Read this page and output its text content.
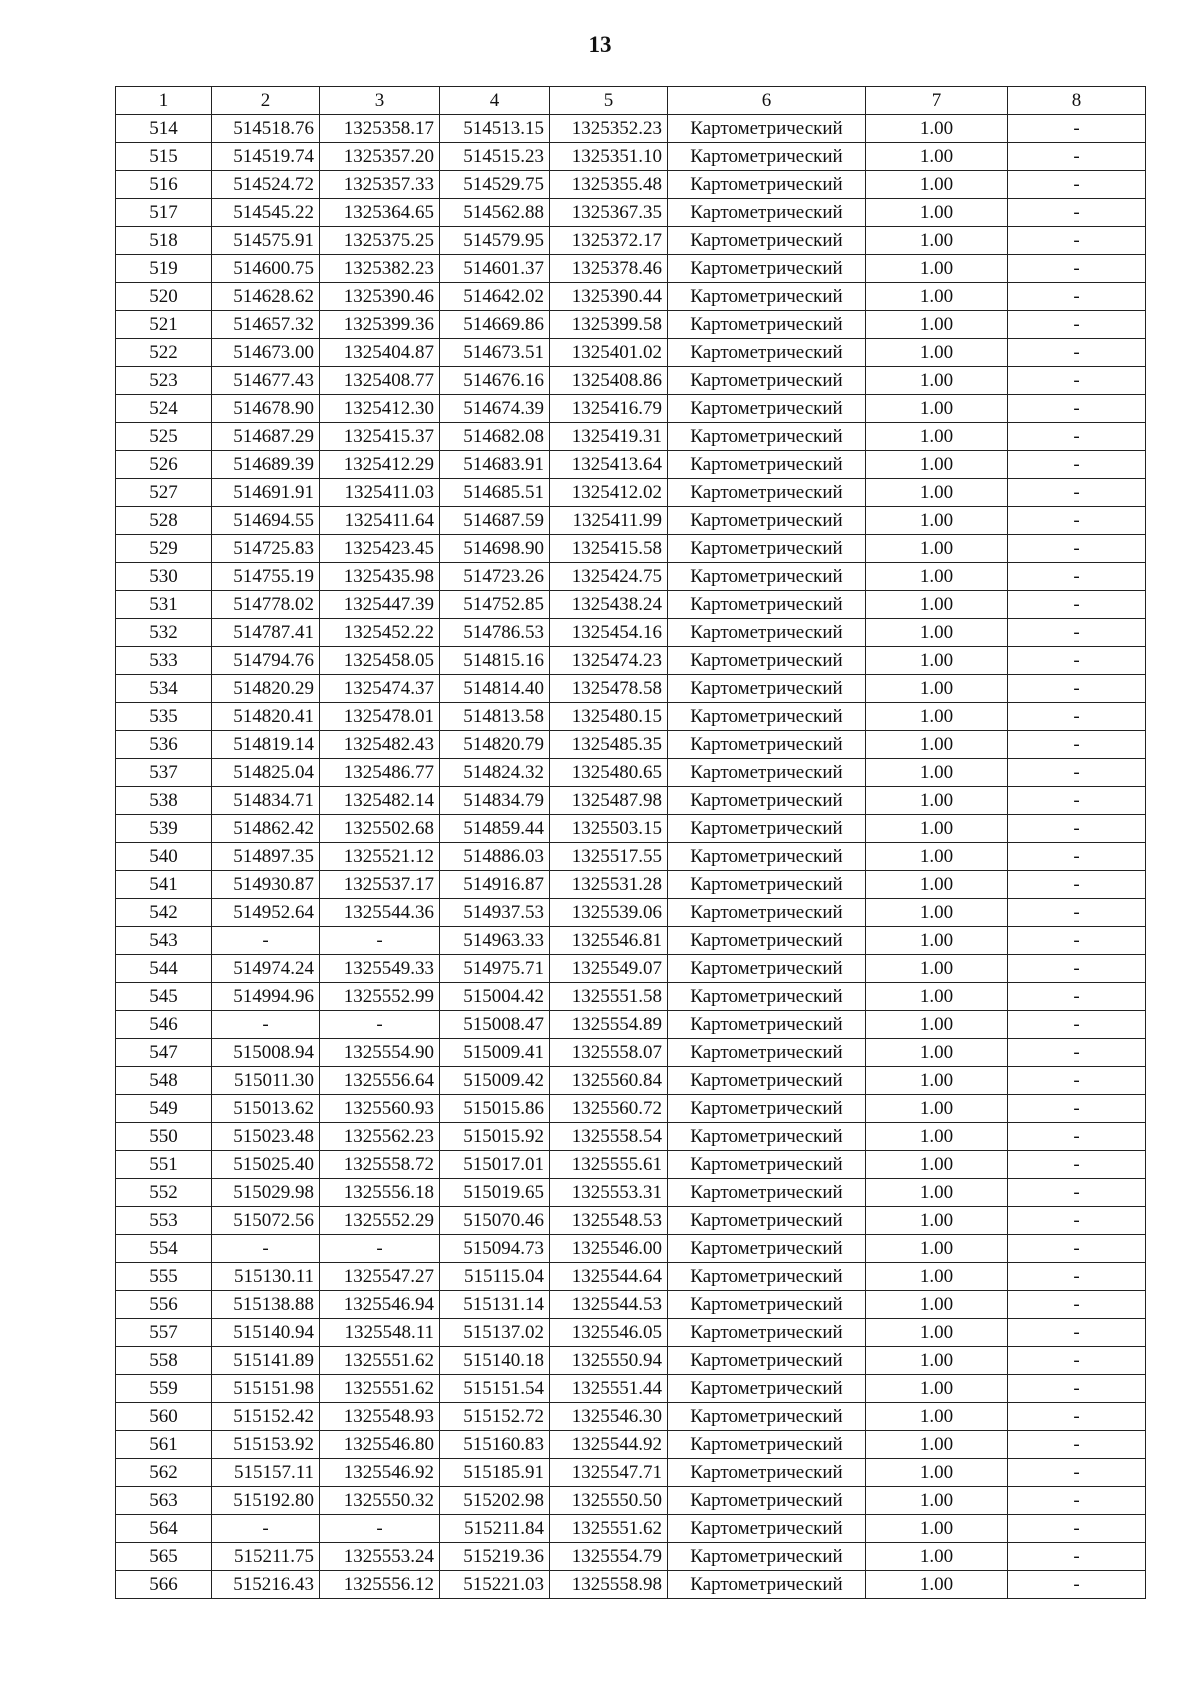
13
1	2	3	4	5	6	7	8
514	514518.76	1325358.17	514513.15	1325352.23	Картометрический	1.00	-
515	514519.74	1325357.20	514515.23	1325351.10	Картометрический	1.00	-
516	514524.72	1325357.33	514529.75	1325355.48	Картометрический	1.00	-
517	514545.22	1325364.65	514562.88	1325367.35	Картометрический	1.00	-
518	514575.91	1325375.25	514579.95	1325372.17	Картометрический	1.00	-
519	514600.75	1325382.23	514601.37	1325378.46	Картометрический	1.00	-
520	514628.62	1325390.46	514642.02	1325390.44	Картометрический	1.00	-
521	514657.32	1325399.36	514669.86	1325399.58	Картометрический	1.00	-
522	514673.00	1325404.87	514673.51	1325401.02	Картометрический	1.00	-
523	514677.43	1325408.77	514676.16	1325408.86	Картометрический	1.00	-
524	514678.90	1325412.30	514674.39	1325416.79	Картометрический	1.00	-
525	514687.29	1325415.37	514682.08	1325419.31	Картометрический	1.00	-
526	514689.39	1325412.29	514683.91	1325413.64	Картометрический	1.00	-
527	514691.91	1325411.03	514685.51	1325412.02	Картометрический	1.00	-
528	514694.55	1325411.64	514687.59	1325411.99	Картометрический	1.00	-
529	514725.83	1325423.45	514698.90	1325415.58	Картометрический	1.00	-
530	514755.19	1325435.98	514723.26	1325424.75	Картометрический	1.00	-
531	514778.02	1325447.39	514752.85	1325438.24	Картометрический	1.00	-
532	514787.41	1325452.22	514786.53	1325454.16	Картометрический	1.00	-
533	514794.76	1325458.05	514815.16	1325474.23	Картометрический	1.00	-
534	514820.29	1325474.37	514814.40	1325478.58	Картометрический	1.00	-
535	514820.41	1325478.01	514813.58	1325480.15	Картометрический	1.00	-
536	514819.14	1325482.43	514820.79	1325485.35	Картометрический	1.00	-
537	514825.04	1325486.77	514824.32	1325480.65	Картометрический	1.00	-
538	514834.71	1325482.14	514834.79	1325487.98	Картометрический	1.00	-
539	514862.42	1325502.68	514859.44	1325503.15	Картометрический	1.00	-
540	514897.35	1325521.12	514886.03	1325517.55	Картометрический	1.00	-
541	514930.87	1325537.17	514916.87	1325531.28	Картометрический	1.00	-
542	514952.64	1325544.36	514937.53	1325539.06	Картометрический	1.00	-
543	-	-	514963.33	1325546.81	Картометрический	1.00	-
544	514974.24	1325549.33	514975.71	1325549.07	Картометрический	1.00	-
545	514994.96	1325552.99	515004.42	1325551.58	Картометрический	1.00	-
546	-	-	515008.47	1325554.89	Картометрический	1.00	-
547	515008.94	1325554.90	515009.41	1325558.07	Картометрический	1.00	-
548	515011.30	1325556.64	515009.42	1325560.84	Картометрический	1.00	-
549	515013.62	1325560.93	515015.86	1325560.72	Картометрический	1.00	-
550	515023.48	1325562.23	515015.92	1325558.54	Картометрический	1.00	-
551	515025.40	1325558.72	515017.01	1325555.61	Картометрический	1.00	-
552	515029.98	1325556.18	515019.65	1325553.31	Картометрический	1.00	-
553	515072.56	1325552.29	515070.46	1325548.53	Картометрический	1.00	-
554	-	-	515094.73	1325546.00	Картометрический	1.00	-
555	515130.11	1325547.27	515115.04	1325544.64	Картометрический	1.00	-
556	515138.88	1325546.94	515131.14	1325544.53	Картометрический	1.00	-
557	515140.94	1325548.11	515137.02	1325546.05	Картометрический	1.00	-
558	515141.89	1325551.62	515140.18	1325550.94	Картометрический	1.00	-
559	515151.98	1325551.62	515151.54	1325551.44	Картометрический	1.00	-
560	515152.42	1325548.93	515152.72	1325546.30	Картометрический	1.00	-
561	515153.92	1325546.80	515160.83	1325544.92	Картометрический	1.00	-
562	515157.11	1325546.92	515185.91	1325547.71	Картометрический	1.00	-
563	515192.80	1325550.32	515202.98	1325550.50	Картометрический	1.00	-
564	-	-	515211.84	1325551.62	Картометрический	1.00	-
565	515211.75	1325553.24	515219.36	1325554.79	Картометрический	1.00	-
566	515216.43	1325556.12	515221.03	1325558.98	Картометрический	1.00	-
